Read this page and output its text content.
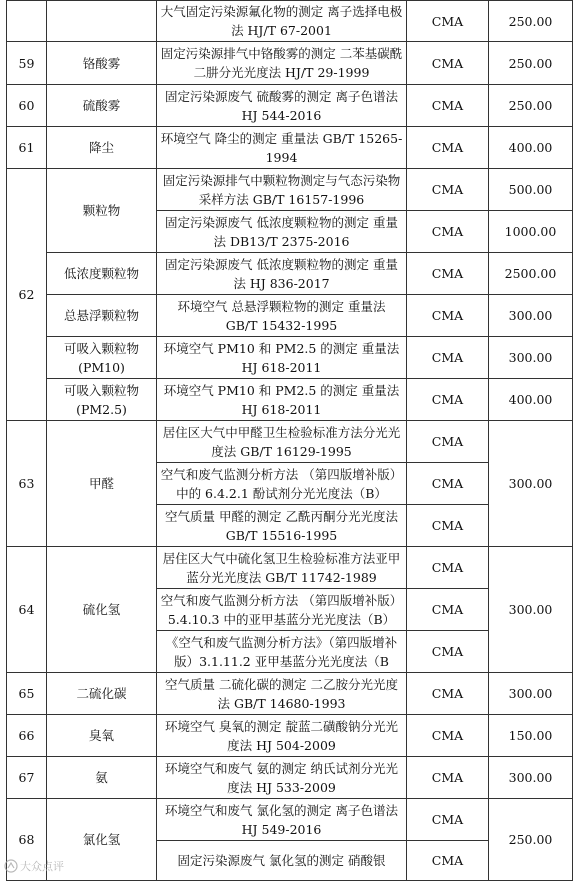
		大气固定污染源氟化物的测定 离子选择电极法 HJ/T 67-2001	CMA	250.00
59	铬酸雾	固定污染源排气中铬酸雾的测定 二苯基碳酰二肼分光光度法 HJ/T 29-1999	CMA	250.00
60	硫酸雾	固定污染源废气 硫酸雾的测定 离子色谱法 HJ 544-2016	CMA	250.00
61	降尘	环境空气 降尘的测定 重量法 GB/T 15265-1994	CMA	400.00
62	颗粒物	固定污染源排气中颗粒物测定与气态污染物采样方法 GB/T 16157-1996	CMA	500.00
		固定污染源废气 低浓度颗粒物的测定 重量法 DB13/T 2375-2016	CMA	1000.00
	低浓度颗粒物	固定污染源废气 低浓度颗粒物的测定 重量法 HJ 836-2017	CMA	2500.00
	总悬浮颗粒物	环境空气 总悬浮颗粒物的测定 重量法 GB/T 15432-1995	CMA	300.00
	可吸入颗粒物(PM10)	环境空气 PM10 和 PM2.5 的测定 重量法 HJ 618-2011	CMA	300.00
	可吸入颗粒物(PM2.5)	环境空气 PM10 和 PM2.5 的测定 重量法 HJ 618-2011	CMA	400.00
63	甲醛	居住区大气中甲醛卫生检验标准方法分光光度法 GB/T 16129-1995	CMA	300.00
		空气和废气监测分析方法 （第四版增补版）中的 6.4.2.1 酚试剂分光光度法（B）	CMA	
		空气质量 甲醛的测定 乙酰丙酮分光光度法 GB/T 15516-1995	CMA	
64	硫化氢	居住区大气中硫化氢卫生检验标准方法亚甲蓝分光光度法 GB/T 11742-1989	CMA	300.00
		空气和废气监测分析方法 （第四版增补版）5.4.10.3 中的亚甲基蓝分光光度法（B）	CMA	
		《空气和废气监测分析方法》（第四版增补版）3.1.11.2 亚甲基蓝分光光度法（B	CMA	
65	二硫化碳	空气质量 二硫化碳的测定 二乙胺分光光度法 GB/T 14680-1993	CMA	300.00
66	臭氧	环境空气 臭氧的测定 靛蓝二磺酸钠分光光度法 HJ 504-2009	CMA	150.00
67	氨	环境空气和废气 氨的测定 纳氏试剂分光光度法 HJ 533-2009	CMA	300.00
68	氯化氢	环境空气和废气 氯化氢的测定 离子色谱法 HJ 549-2016	CMA	250.00
		固定污染源废气 氯化氢的测定 硝酸银	CMA	
大众点评
